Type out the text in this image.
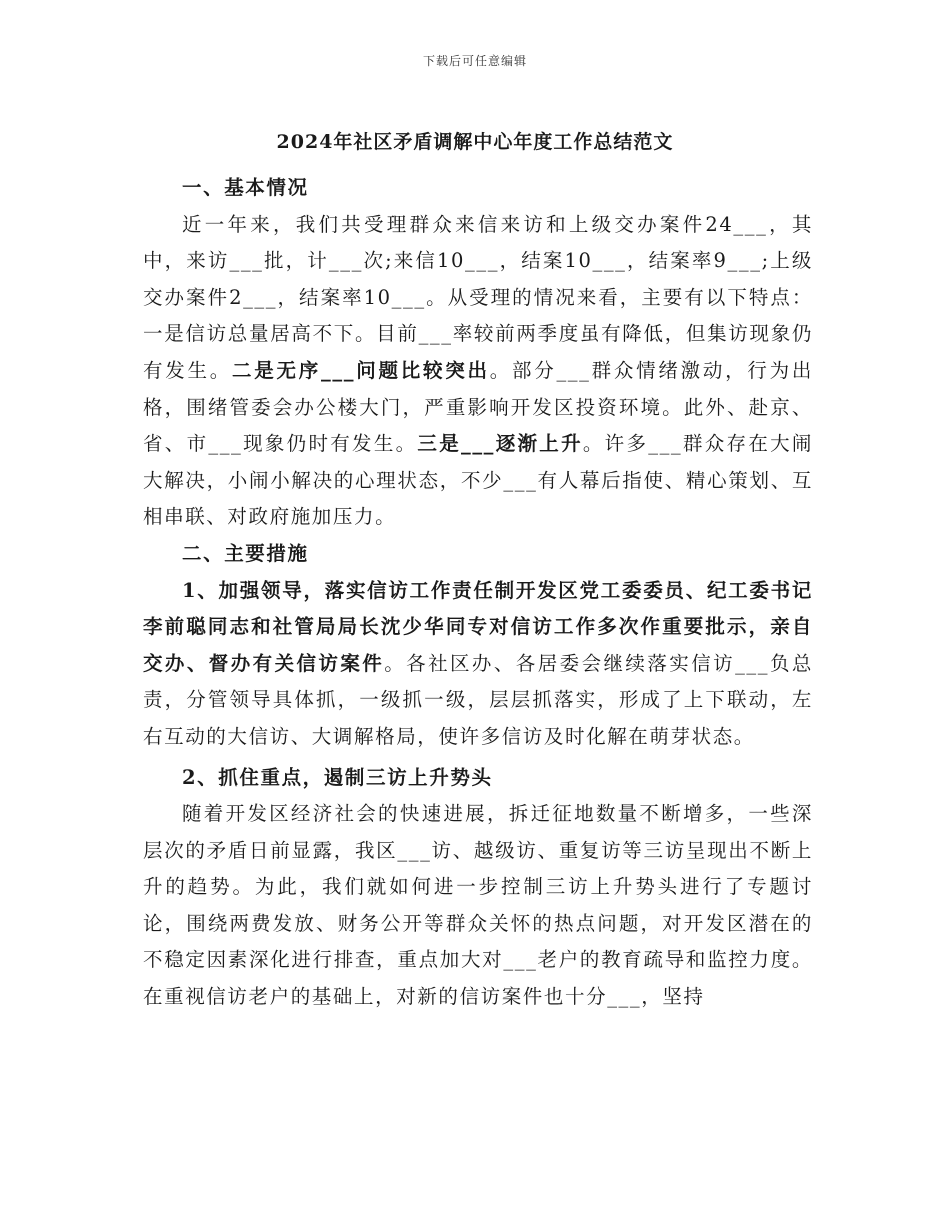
下载后可任意编辑
2024年社区矛盾调解中心年度工作总结范文

一、基本情况

近一年来，我们共受理群众来信来访和上级交办案件24___，其中，来访___批，计___次;来信10___，结案10___，结案率9___;上级交办案件2___，结案率10___。从受理的情况来看，主要有以下特点：一是信访总量居高不下。目前___率较前两季度虽有降低，但集访现象仍有发生。二是无序___问题比较突出。部分___群众情绪激动，行为出格，围绪管委会办公楼大门，严重影响开发区投资环境。此外、赴京、省、市___现象仍时有发生。三是___逐渐上升。许多___群众存在大闹大解决，小闹小解决的心理状态，不少___有人幕后指使、精心策划、互相串联、对政府施加压力。

二、主要措施

1、加强领导，落实信访工作责任制开发区党工委委员、纪工委书记李前聪同志和社管局局长沈少华同专对信访工作多次作重要批示，亲自交办、督办有关信访案件。各社区办、各居委会继续落实信访___负总责，分管领导具体抓，一级抓一级，层层抓落实，形成了上下联动，左右互动的大信访、大调解格局，使许多信访及时化解在萌芽状态。

2、抓住重点，遏制三访上升势头

随着开发区经济社会的快速进展，拆迁征地数量不断增多，一些深层次的矛盾日前显露，我区___访、越级访、重复访等三访呈现出不断上升的趋势。为此，我们就如何进一步控制三访上升势头进行了专题讨论，围绕两费发放、财务公开等群众关怀的热点问题，对开发区潜在的不稳定因素深化进行排查，重点加大对___老户的教育疏导和监控力度。在重视信访老户的基础上，对新的信访案件也十分___，坚持
